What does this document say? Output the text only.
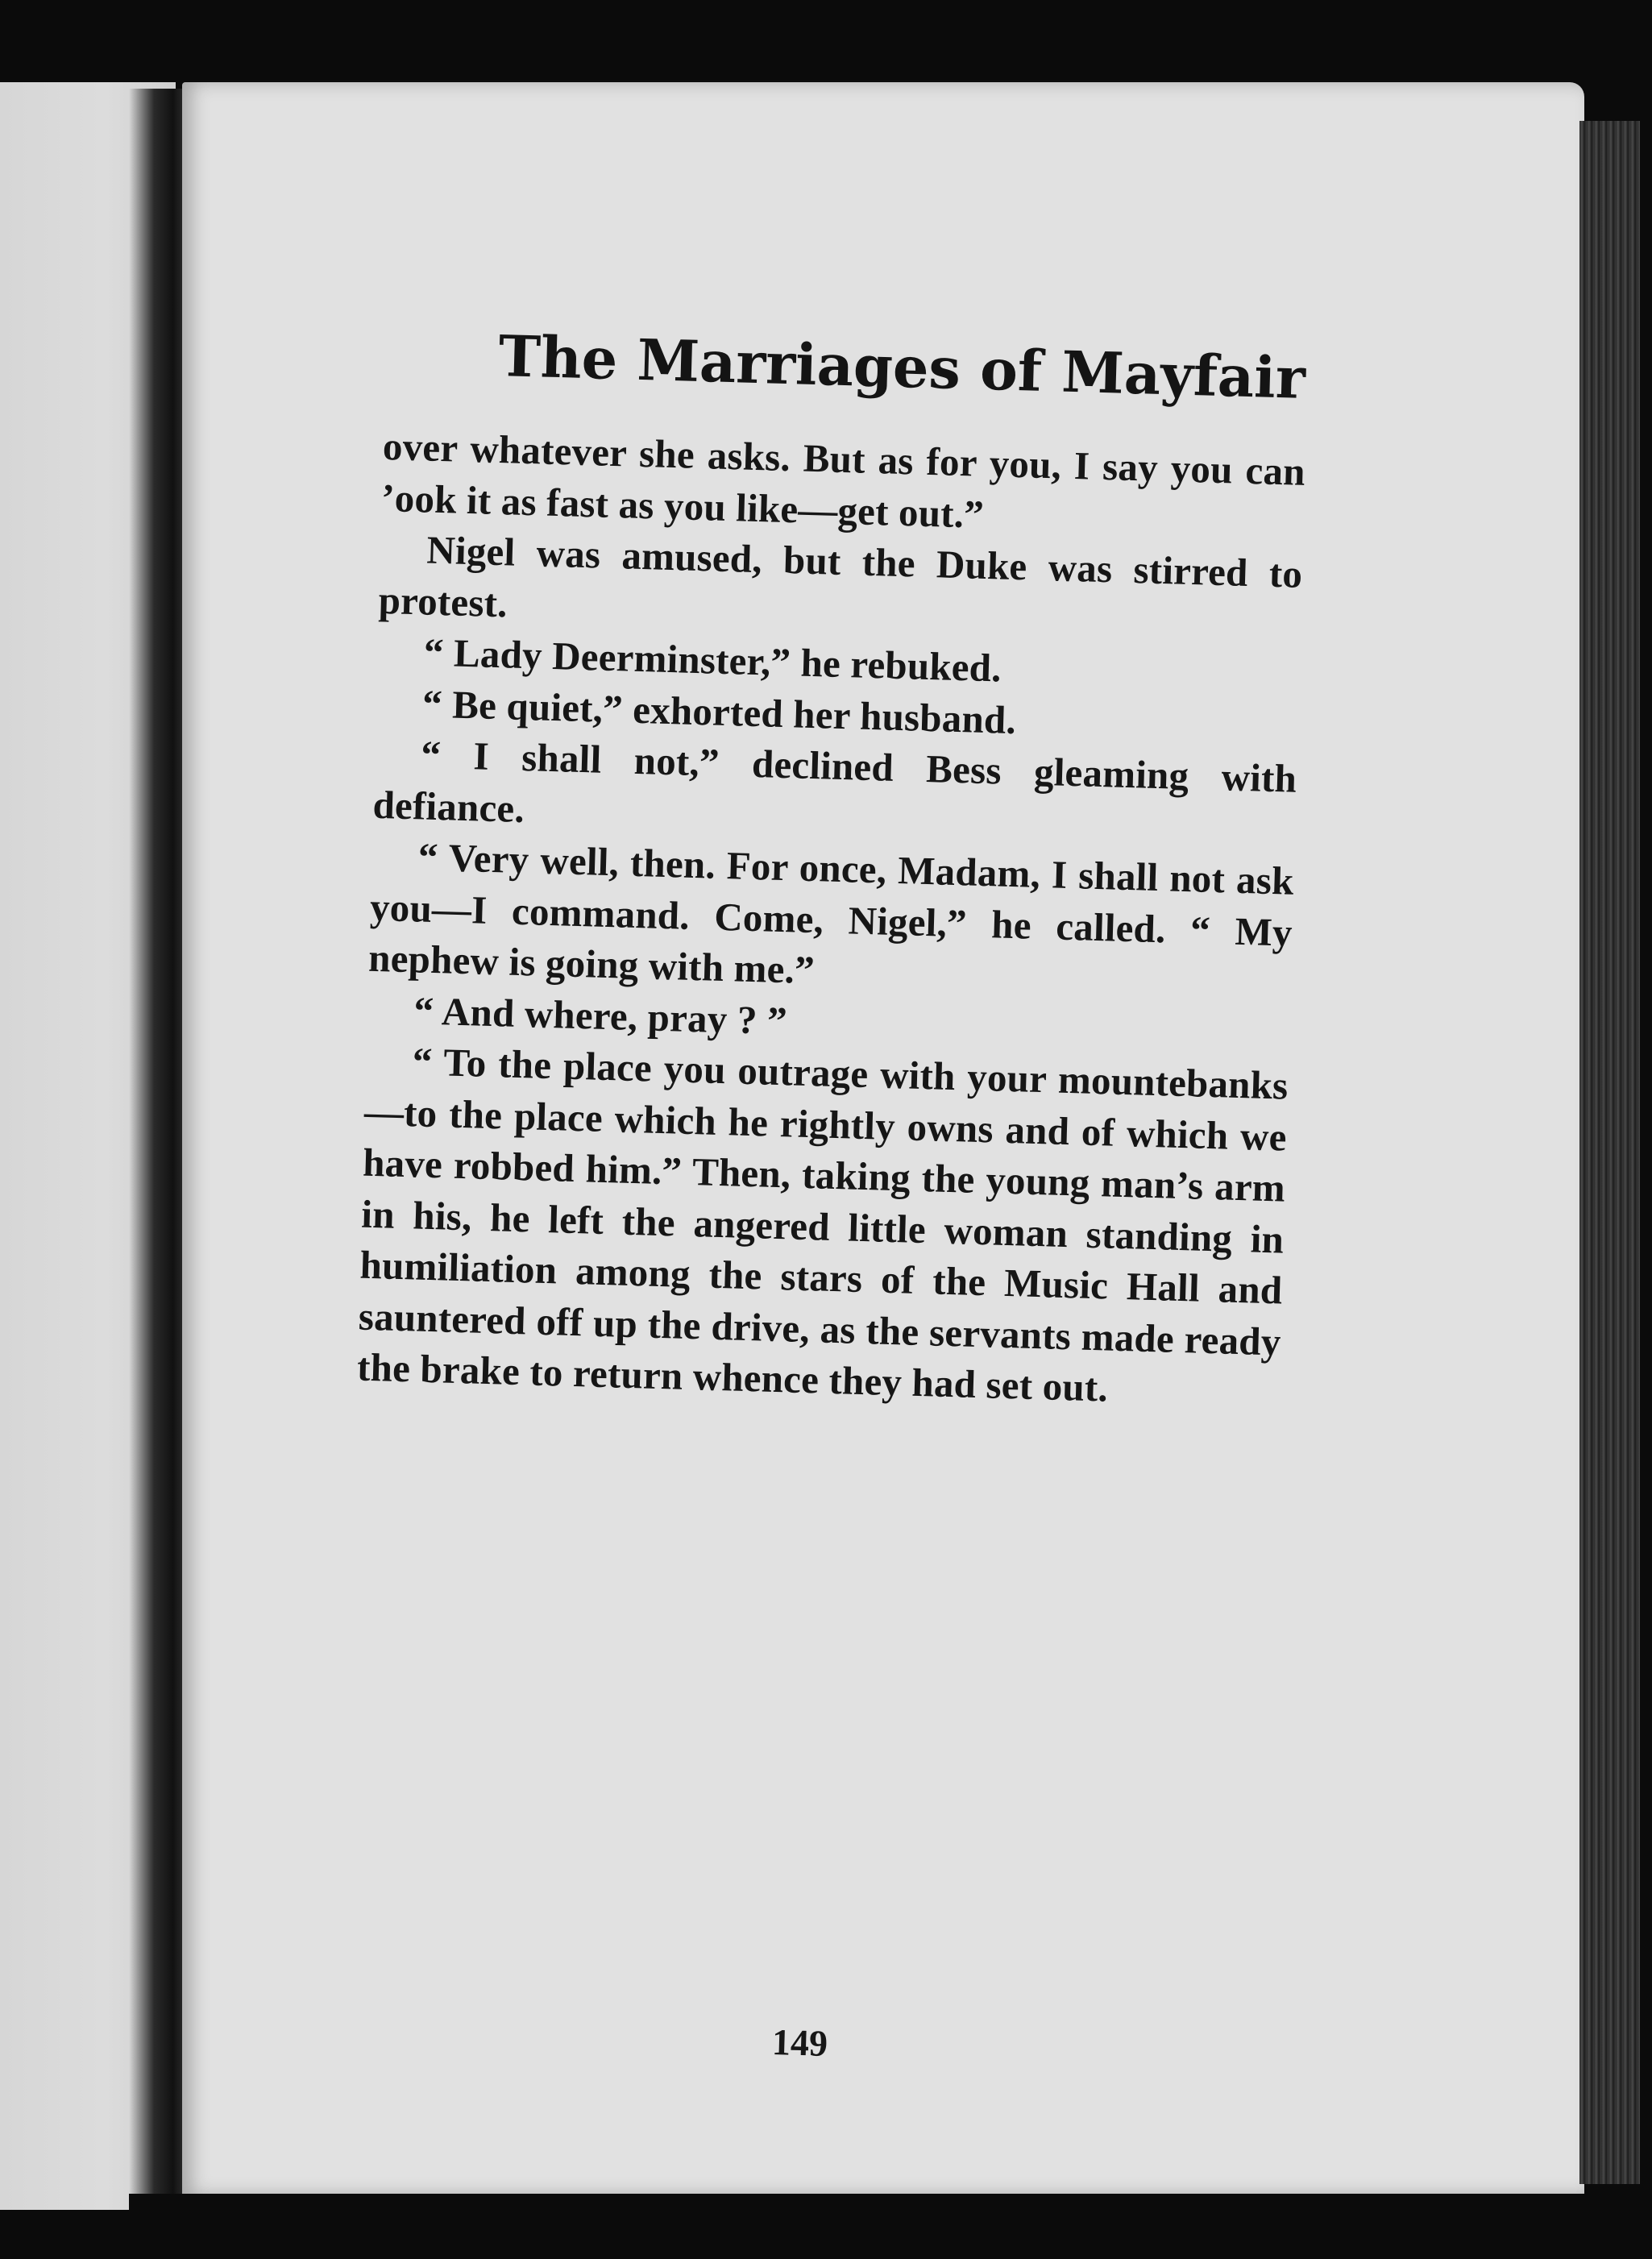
The Marriages of Mayfair

over whatever she asks. But as for you, I say you can ’ook it as fast as you like—get out.”

Nigel was amused, but the Duke was stirred to protest.

“ Lady Deerminster,” he rebuked.

“ Be quiet,” exhorted her husband.

“ I shall not,” declined Bess gleaming with defiance.

“ Very well, then. For once, Madam, I shall not ask you—I command. Come, Nigel,” he called. “ My nephew is going with me.”

“ And where, pray ? ”

“ To the place you outrage with your mountebanks—to the place which he rightly owns and of which we have robbed him.” Then, taking the young man’s arm in his, he left the angered little woman standing in humiliation among the stars of the Music Hall and sauntered off up the drive, as the servants made ready the brake to return whence they had set out.

149
